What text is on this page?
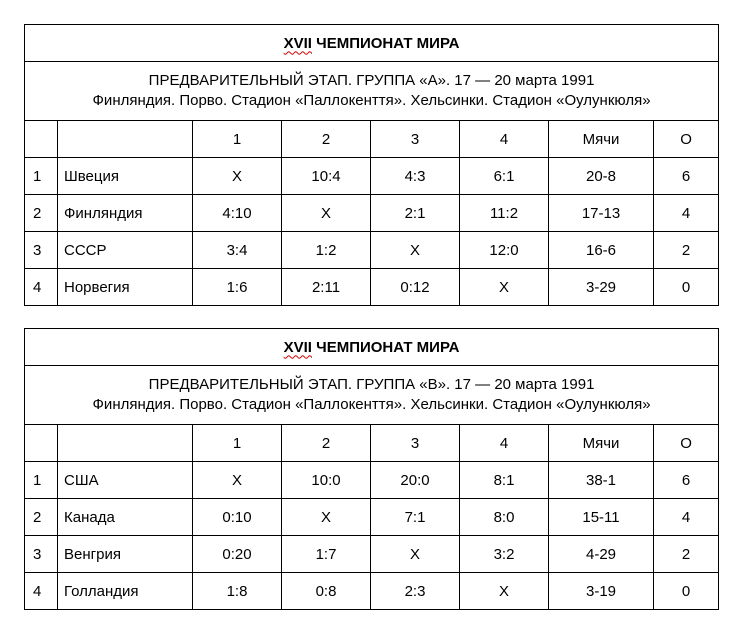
XVII ЧЕМПИОНАТ МИРА							

ПРЕДВАРИТЕЛЬНЫЙ ЭТАП. ГРУППА «А». 17 — 20 марта 1991
Финляндия. Порво. Стадион «Паллокенття». Хельсинки. Стадион «Оулункюля»							

		1	2	3	4	Мячи	О
1	Швеция	X	10:4	4:3	6:1	20-8	6
2	Финляндия	4:10	X	2:1	11:2	17-13	4
3	СССР	3:4	1:2	X	12:0	16-6	2
4	Норвегия	1:6	2:11	0:12	X	3-29	0
XVII ЧЕМПИОНАТ МИРА							

ПРЕДВАРИТЕЛЬНЫЙ ЭТАП. ГРУППА «В». 17 — 20 марта 1991
Финляндия. Порво. Стадион «Паллокенття». Хельсинки. Стадион «Оулункюля»							

		1	2	3	4	Мячи	О
1	США	X	10:0	20:0	8:1	38-1	6
2	Канада	0:10	X	7:1	8:0	15-11	4
3	Венгрия	0:20	1:7	X	3:2	4-29	2
4	Голландия	1:8	0:8	2:3	X	3-19	0
